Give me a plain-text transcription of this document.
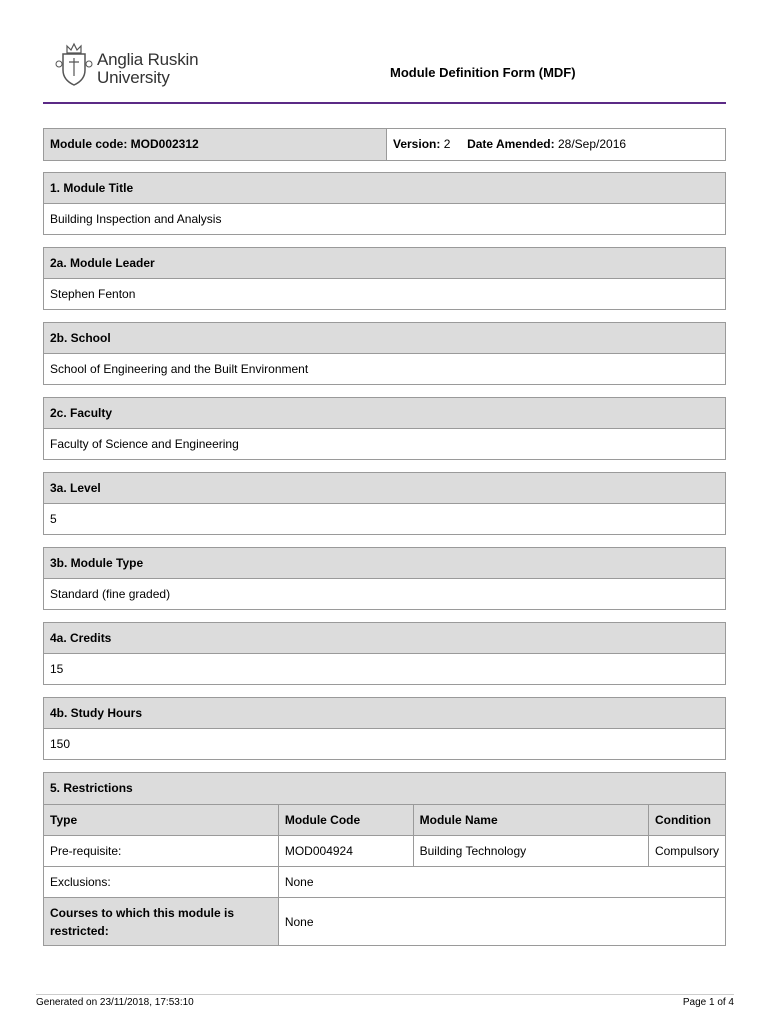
Anglia Ruskin
University	Module Definition Form (MDF)
Module code: MOD002312	Version: 2 Date Amended: 28/Sep/2016
1. Module Title
Building Inspection and Analysis
2a. Module Leader
Stephen Fenton
2b. School
School of Engineering and the Built Environment
2c. Faculty
Faculty of Science and Engineering
3a. Level
5
3b. Module Type
Standard (fine graded)
4a. Credits
15
4b. Study Hours
150
5. Restrictions
Type	Module Code	Module Name	Condition
Pre-requisite:	MOD004924	Building Technology	Compulsory
Exclusions:	None		
Courses to which this module is restricted:	None		
Generated on 23/11/2018, 17:53:10	Page 1 of 4
